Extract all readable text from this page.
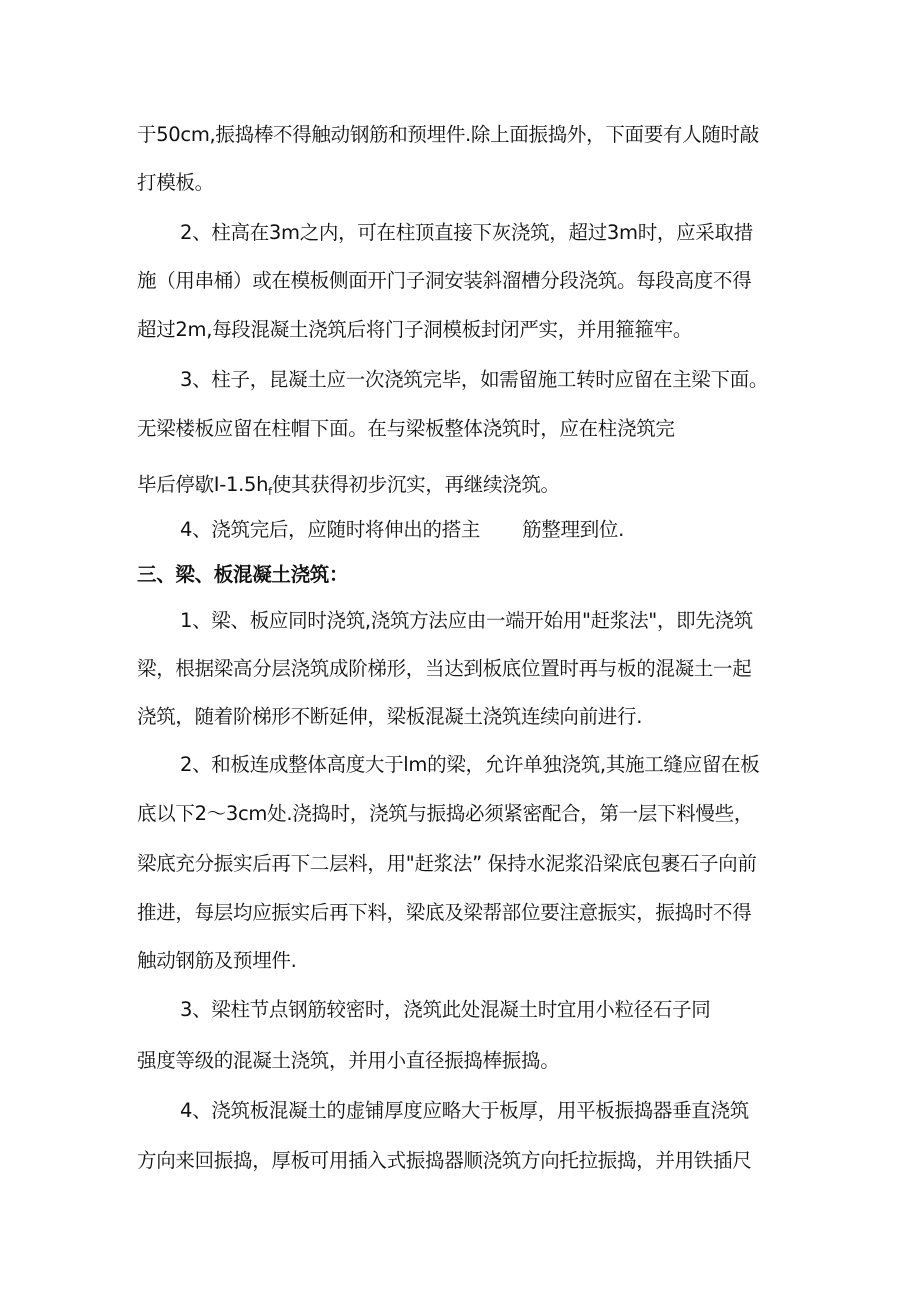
于50cm,振捣棒不得触动钢筋和预埋件.除上面振捣外，下面要有人随时敲
打模板。
2、柱高在3m之内，可在柱顶直接下灰浇筑，超过3m时，应采取措
施（用串桶）或在模板侧面开门子洞安装斜溜槽分段浇筑。每段高度不得
超过2m,每段混凝土浇筑后将门子洞模板封闭严实，并用箍箍牢。
3、柱子，昆凝土应一次浇筑完毕，如需留施工转时应留在主梁下面。
无梁楼板应留在柱帽下面。在与梁板整体浇筑时，应在柱浇筑完
毕后停歇$I-1.5h_f$使其获得初步沉实，再继续浇筑。
4、浇筑完后，应随时将伸出的搭主 筋整理到位.
三、梁、板混凝土浇筑：
1、梁、板应同时浇筑,浇筑方法应由一端开始用"赶浆法"，即先浇筑
梁，根据梁高分层浇筑成阶梯形，当达到板底位置时再与板的混凝土一起
浇筑，随着阶梯形不断延伸，梁板混凝土浇筑连续向前进行.
2、和板连成整体高度大于lm的梁，允许单独浇筑,其施工缝应留在板
底以下2～3cm处.浇捣时，浇筑与振捣必须紧密配合，第一层下料慢些，
梁底充分振实后再下二层料，用"赶浆法” 保持水泥浆沿梁底包裹石子向前
推进，每层均应振实后再下料，梁底及梁帮部位要注意振实，振捣时不得
触动钢筋及预埋件.
3、梁柱节点钢筋较密时，浇筑此处混凝土时宜用小粒径石子同
强度等级的混凝土浇筑，并用小直径振捣棒振捣。
4、浇筑板混凝土的虚铺厚度应略大于板厚，用平板振捣器垂直浇筑
方向来回振捣，厚板可用插入式振捣器顺浇筑方向托拉振捣，并用铁插尺
